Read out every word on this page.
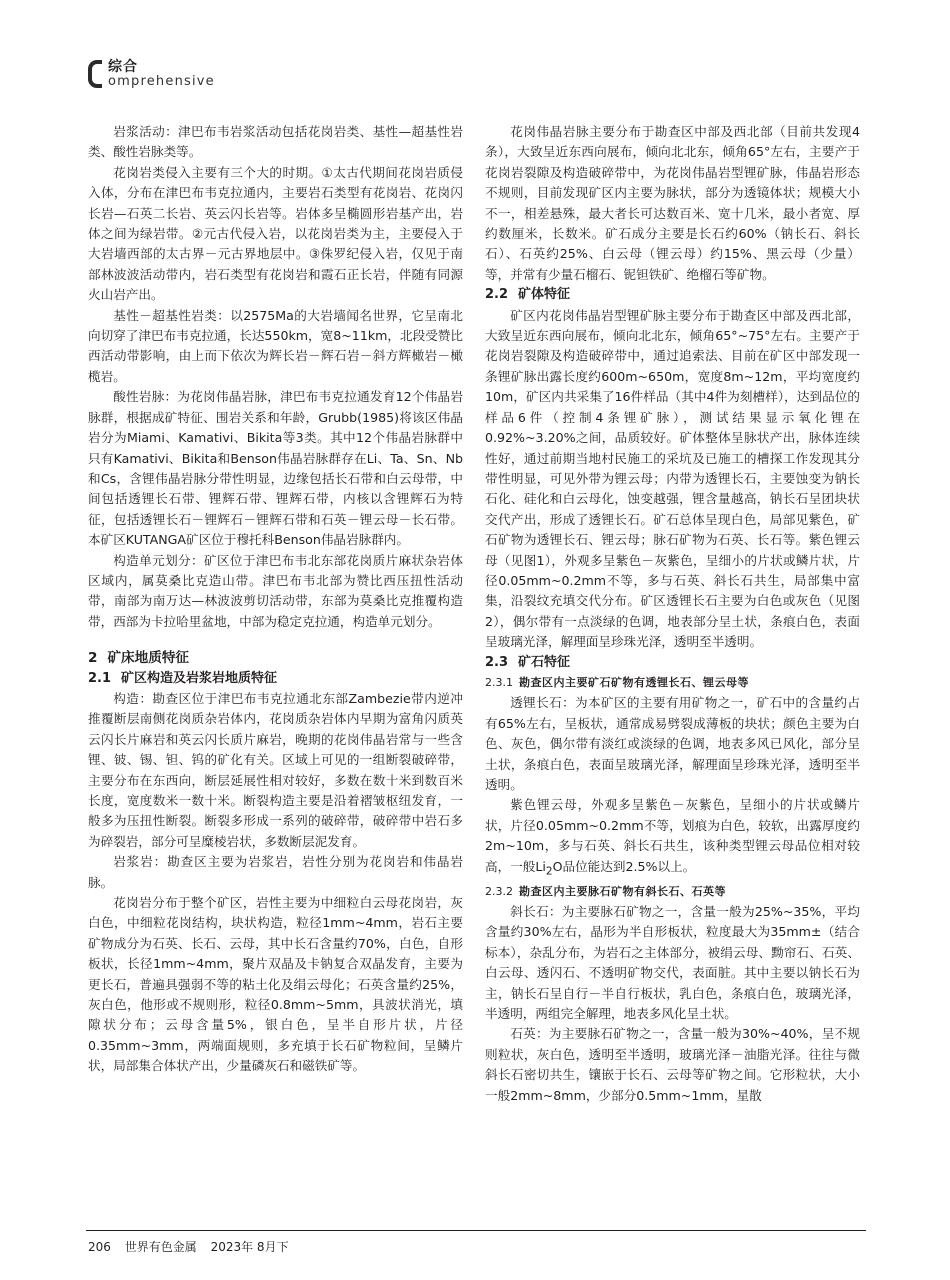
综合
omprehensive

岩浆活动：津巴布韦岩浆活动包括花岗岩类、基性—超基性岩类、酸性岩脉类等。

花岗岩类侵入主要有三个大的时期。①太古代期间花岗岩质侵入体，分布在津巴布韦克拉通内，主要岩石类型有花岗岩、花岗闪长岩—石英二长岩、英云闪长岩等。岩体多呈椭圆形岩基产出，岩体之间为绿岩带。②元古代侵入岩，以花岗岩类为主，主要侵入于大岩墙西部的太古界－元古界地层中。③侏罗纪侵入岩，仅见于南部林波波活动带内，岩石类型有花岗岩和霞石正长岩，伴随有同源火山岩产出。

基性－超基性岩类：以2575Ma的大岩墙闻名世界，它呈南北向切穿了津巴布韦克拉通，长达550km，宽8~11km，北段受赞比西活动带影响，由上而下依次为辉长岩－辉石岩－斜方辉橄岩－橄榄岩。

酸性岩脉：为花岗伟晶岩脉，津巴布韦克拉通发育12个伟晶岩脉群，根据成矿特征、围岩关系和年龄，Grubb(1985)将该区伟晶岩分为Miami、Kamativi、Bikita等3类。其中12个伟晶岩脉群中只有Kamativi、Bikita和Benson伟晶岩脉群存在Li、Ta、Sn、Nb和Cs，含锂伟晶岩脉分带性明显，边缘包括长石带和白云母带，中间包括透锂长石带、锂辉石带、锂辉石带，内核以含锂辉石为特征，包括透锂长石－锂辉石－锂辉石带和石英－锂云母－长石带。本矿区KUTANGA矿区位于穆托科Benson伟晶岩脉群内。

构造单元划分：矿区位于津巴布韦北东部花岗质片麻状杂岩体区域内，属莫桑比克造山带。津巴布韦北部为赞比西压扭性活动带，南部为南万达—林波波剪切活动带，东部为莫桑比克推覆构造带，西部为卡拉哈里盆地，中部为稳定克拉通，构造单元划分。

2 矿床地质特征
2.1 矿区构造及岩浆岩地质特征

构造：勘查区位于津巴布韦克拉通北东部Zambezie带内逆冲推覆断层南侧花岗质杂岩体内，花岗质杂岩体内早期为富角闪质英云闪长片麻岩和英云闪长质片麻岩，晚期的花岗伟晶岩常与一些含锂、铍、锡、钽、钨的矿化有关。区域上可见的一组断裂破碎带，主要分布在东西向，断层延展性相对较好，多数在数十米到数百米长度，宽度数米一数十米。断裂构造主要是沿着褶皱枢纽发育，一般多为压扭性断裂。断裂多形成一系列的破碎带，破碎带中岩石多为碎裂岩，部分可呈糜棱岩状，多数断层泥发育。

岩浆岩：勘查区主要为岩浆岩，岩性分别为花岗岩和伟晶岩脉。

花岗岩分布于整个矿区，岩性主要为中细粒白云母花岗岩，灰白色，中细粒花岗结构，块状构造，粒径1mm~4mm，岩石主要矿物成分为石英、长石、云母，其中长石含量约70%，白色，自形板状，长径1mm~4mm，聚片双晶及卡钠复合双晶发育，主要为更长石，普遍具强弱不等的粘土化及绢云母化；石英含量约25%，灰白色，他形或不规则形，粒径0.8mm~5mm，具波状消光，填隙状分布；云母含量5%，银白色，呈半自形片状，片径0.35mm~3mm，两端面规则，多充填于长石矿物粒间，呈鳞片状，局部集合体状产出，少量磷灰石和磁铁矿等。

花岗伟晶岩脉主要分布于勘查区中部及西北部（目前共发现4条），大致呈近东西向展布，倾向北北东，倾角65°左右，主要产于花岗岩裂隙及构造破碎带中，为花岗伟晶岩型锂矿脉，伟晶岩形态不规则，目前发现矿区内主要为脉状，部分为透镜体状；规模大小不一，相差悬殊，最大者长可达数百米、宽十几米，最小者宽、厚约数厘米，长数米。矿石成分主要是长石约60%（钠长石、斜长石）、石英约25%、白云母（锂云母）约15%、黑云母（少量）等，并常有少量石榴石、铌钽铁矿、绝榴石等矿物。

2.2 矿体特征

矿区内花岗伟晶岩型锂矿脉主要分布于勘查区中部及西北部，大致呈近东西向展布，倾向北北东，倾角65°~75°左右。主要产于花岗岩裂隙及构造破碎带中，通过追索法、目前在矿区中部发现一条锂矿脉出露长度约600m~650m，宽度8m~12m，平均宽度约10m，矿区内共采集了16件样品（其中4件为刻槽样），达到品位的样品6件（控制4条锂矿脉），测试结果显示氧化锂在0.92%~3.20%之间，品质较好。矿体整体呈脉状产出，脉体连续性好，通过前期当地村民施工的采坑及已施工的槽探工作发现其分带性明显，可见外带为锂云母；内带为透锂长石，主要蚀变为钠长石化、硅化和白云母化，蚀变越强，锂含量越高，钠长石呈团块状交代产出，形成了透锂长石。矿石总体呈现白色，局部见紫色，矿石矿物为透锂长石、锂云母；脉石矿物为石英、长石等。紫色锂云母（见图1），外观多呈紫色－灰紫色，呈细小的片状或鳞片状，片径0.05mm~0.2mm不等，多与石英、斜长石共生，局部集中富集，沿裂纹充填交代分布。矿区透锂长石主要为白色或灰色（见图2），偶尔带有一点淡绿的色调，地表部分呈土状，条痕白色，表面呈玻璃光泽，解理面呈珍珠光泽，透明至半透明。

2.3 矿石特征
2.3.1 勘查区内主要矿石矿物有透锂长石、锂云母等

透锂长石：为本矿区的主要有用矿物之一，矿石中的含量约占有65%左右，呈板状，通常成易劈裂成薄板的块状；颜色主要为白色、灰色，偶尔带有淡红或淡绿的色调，地表多风已风化，部分呈土状，条痕白色，表面呈玻璃光泽，解理面呈珍珠光泽，透明至半透明。

紫色锂云母，外观多呈紫色－灰紫色，呈细小的片状或鳞片状，片径0.05mm~0.2mm不等，划痕为白色，较软，出露厚度约2m~10m，多与石英、斜长石共生，该种类型锂云母品位相对较高，一般$Li_2O$品位能达到2.5%以上。

2.3.2 勘查区内主要脉石矿物有斜长石、石英等

斜长石：为主要脉石矿物之一，含量一般为25%~35%，平均含量约30%左右，晶形为半自形板状，粒度最大为35mm±（结合标本），杂乱分布，为岩石之主体部分，被绢云母、黝帘石、石英、白云母、透闪石、不透明矿物交代，表面脏。其中主要以钠长石为主，钠长石呈自行－半自行板状，乳白色，条痕白色，玻璃光泽，半透明，两组完全解理，地表多风化呈土状。

石英：为主要脉石矿物之一，含量一般为30%~40%，呈不规则粒状，灰白色，透明至半透明，玻璃光泽－油脂光泽。往往与微斜长石密切共生，镶嵌于长石、云母等矿物之间。它形粒状，大小一般2mm~8mm，少部分0.5mm~1mm，星散

206 世界有色金属 2023年 8月下
